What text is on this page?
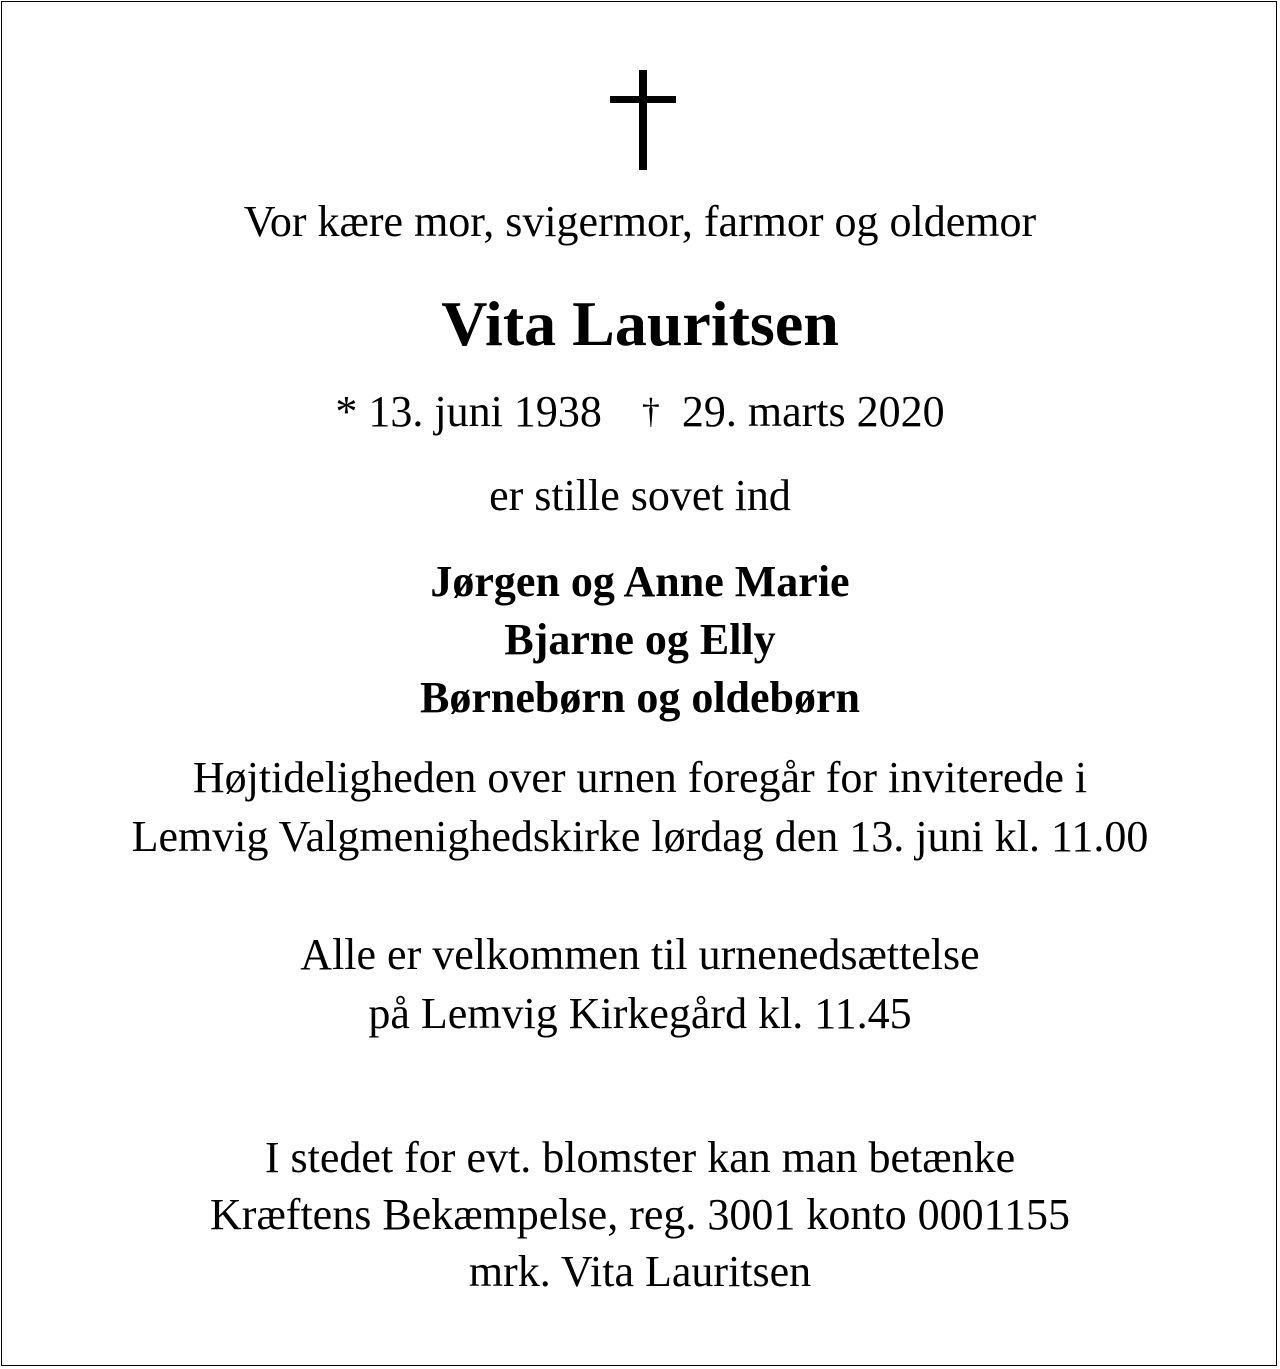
Vor kære mor, svigermor, farmor og oldemor
Vita Lauritsen
* 13. juni 1938 † 29. marts 2020
er stille sovet ind
Jørgen og Anne Marie
Bjarne og Elly
Børnebørn og oldebørn
Højtideligheden over urnen foregår for inviterede i
Lemvig Valgmenighedskirke lørdag den 13. juni kl. 11.00
Alle er velkommen til urnenedsættelse
på Lemvig Kirkegård kl. 11.45
I stedet for evt. blomster kan man betænke
Kræftens Bekæmpelse, reg. 3001 konto 0001155
mrk. Vita Lauritsen
